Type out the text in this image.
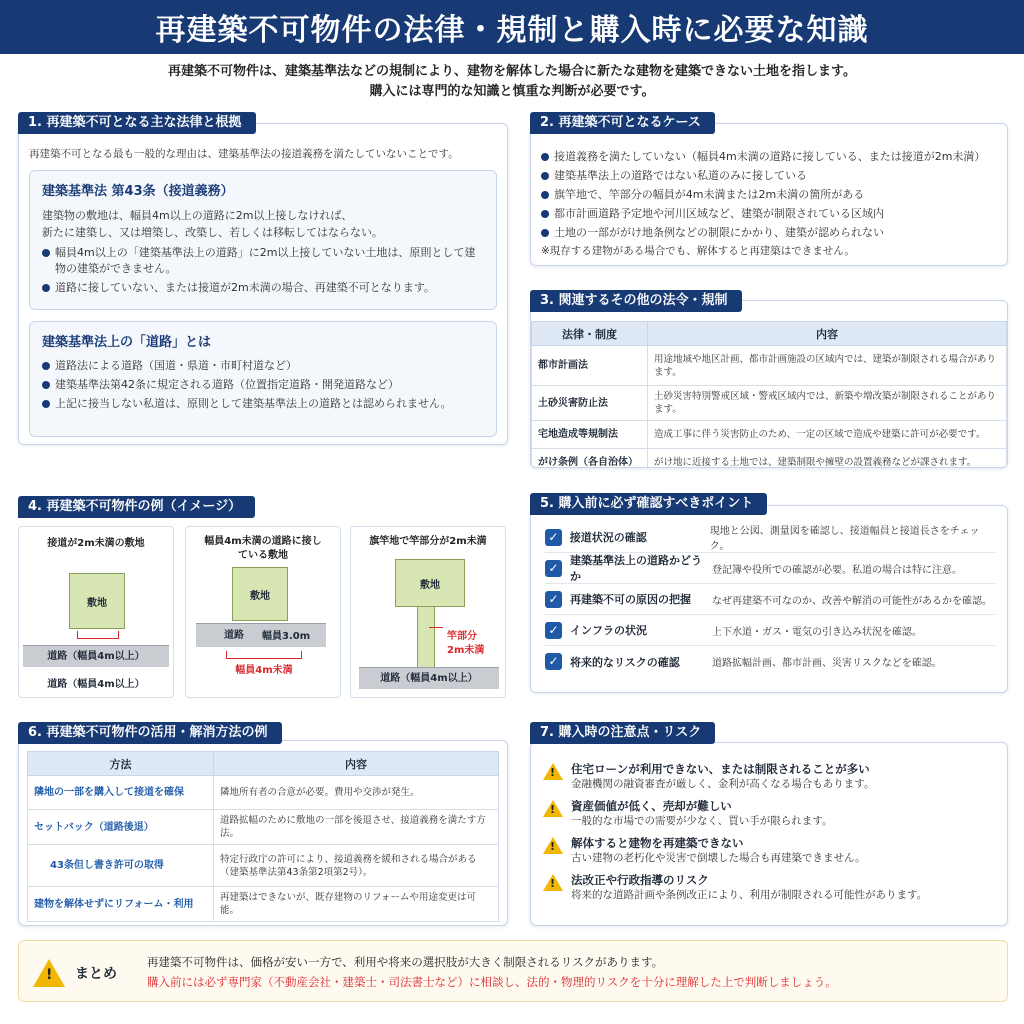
再建築不可物件の法律・規制と購入時に必要な知識
再建築不可物件は、建築基準法などの規制により、建物を解体した場合に新たな建物を建築できない土地を指します。
購入には専門的な知識と慎重な判断が必要です。
再建築不可となる最も一般的な理由は、建築基準法の接道義務を満たしていないことです。
建築基準法 第43条（接道義務）
建築物の敷地は、幅員4m以上の道路に2m以上接しなければ、
新たに建築し、又は増築し、改築し、若しくは移転してはならない。
幅員4m以上の「建築基準法上の道路」に2m以上接していない土地は、原則として建物の建築ができません。
道路に接していない、または接道が2m未満の場合、再建築不可となります。
建築基準法上の「道路」とは
道路法による道路（国道・県道・市町村道など）
建築基準法第42条に規定される道路（位置指定道路・開発道路など）
上記に接当しない私道は、原則として建築基準法上の道路とは認められません。
1. 再建築不可となる主な法律と根拠
接道義務を満たしていない（幅員4m未満の道路に接している、または接道が2m未満）
建築基準法上の道路ではない私道のみに接している
旗竿地で、竿部分の幅員が4m未満または2m未満の箇所がある
都市計画道路予定地や河川区域など、建築が制限されている区域内
土地の一部ががけ地条例などの制限にかかり、建築が認められない
※現存する建物がある場合でも、解体すると再建築はできません。
2. 再建築不可となるケース
法律・制度	内容
都市計画法	用途地域や地区計画、都市計画施設の区域内では、建築が制限される場合があります。
土砂災害防止法	土砂災害特別警戒区域・警戒区域内では、新築や増改築が制限されることがあります。
宅地造成等規制法	造成工事に伴う災害防止のため、一定の区域で造成や建築に許可が必要です。
がけ条例（各自治体）	がけ地に近接する土地では、建築制限や擁壁の設置義務などが課されます。
3. 関連するその他の法令・規制
4. 再建築不可物件の例（イメージ）
接道が2m未満の敷地
敷地
道路（幅員4m以上）
道路（幅員4m以上）
幅員4m未満の道路に接している敷地
敷地
道路	幅員3.0m
幅員4m未満
旗竿地で竿部分が2m未満
敷地
竿部分
2m未満
道路（幅員4m以上）
✓	接道状況の確認	現地と公図、測量図を確認し、接道幅員と接道長さをチェック。
✓	建築基準法上の道路かどうか	登記簿や役所での確認が必要。私道の場合は特に注意。
✓	再建築不可の原因の把握	なぜ再建築不可なのか、改善や解消の可能性があるかを確認。
✓	インフラの状況	上下水道・ガス・電気の引き込み状況を確認。
✓	将来的なリスクの確認	道路拡幅計画、都市計画、災害リスクなどを確認。
5. 購入前に必ず確認すべきポイント
方法	内容
隣地の一部を購入して接道を確保	隣地所有者の合意が必要。費用や交渉が発生。
セットバック（道路後退）	道路拡幅のために敷地の一部を後退させ、接道義務を満たす方法。
43条但し書き許可の取得	特定行政庁の許可により、接道義務を緩和される場合がある（建築基準法第43条第2項第2号）。
建物を解体せずにリフォーム・利用	再建築はできないが、既存建物のリフォームや用途変更は可能。
6. 再建築不可物件の活用・解消方法の例
! 住宅ローンが利用できない、または制限されることが多い
金融機関の融資審査が厳しく、金利が高くなる場合もあります。
! 資産価値が低く、売却が難しい
一般的な市場での需要が少なく、買い手が限られます。
! 解体すると建物を再建築できない
古い建物の老朽化や災害で倒壊した場合も再建築できません。
! 法改正や行政指導のリスク
将来的な道路計画や条例改正により、利用が制限される可能性があります。
7. 購入時の注意点・リスク
! まとめ
再建築不可物件は、価格が安い一方で、利用や将来の選択肢が大きく制限されるリスクがあります。
購入前には必ず専門家（不動産会社・建築士・司法書士など）に相談し、法的・物理的リスクを十分に理解した上で判断しましょう。
